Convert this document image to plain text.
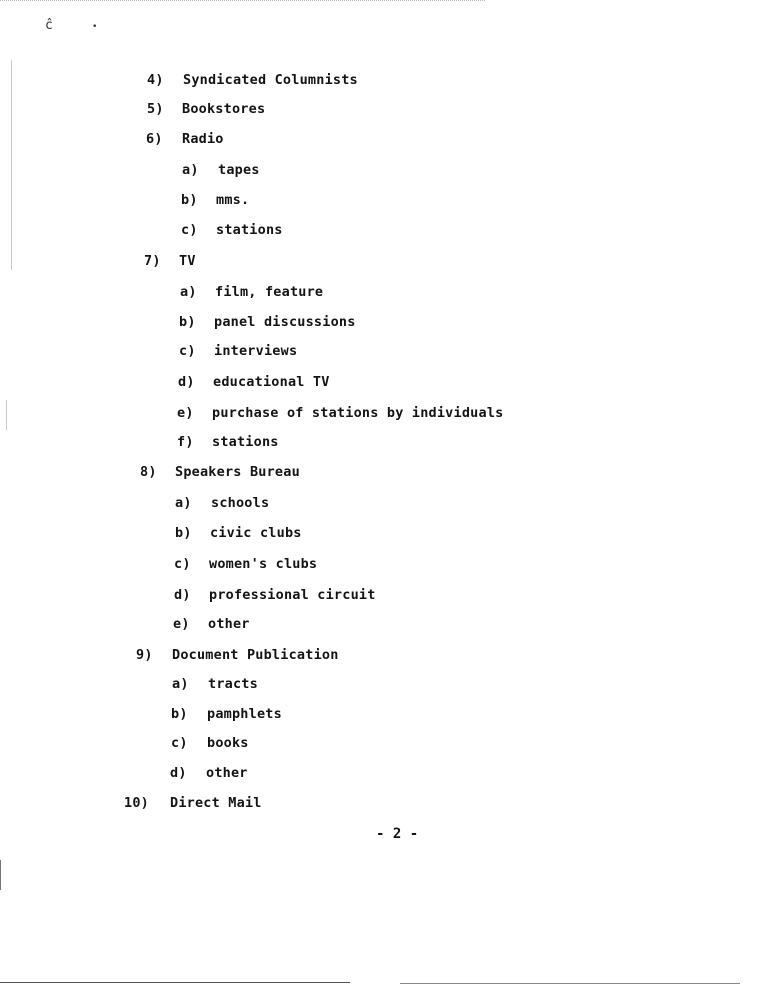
ĉ	•
4) Syndicated Columnists
5) Bookstores
6) Radio
a) tapes
b) mms.
c) stations
7) TV
a) film, feature
b) panel discussions
c) interviews
d) educational TV
e) purchase of stations by individuals
f) stations
8) Speakers Bureau
a) schools
b) civic clubs
c) women's clubs
d) professional circuit
e) other
9) Document Publication
a) tracts
b) pamphlets
c) books
d) other
10) Direct Mail
- 2 -
